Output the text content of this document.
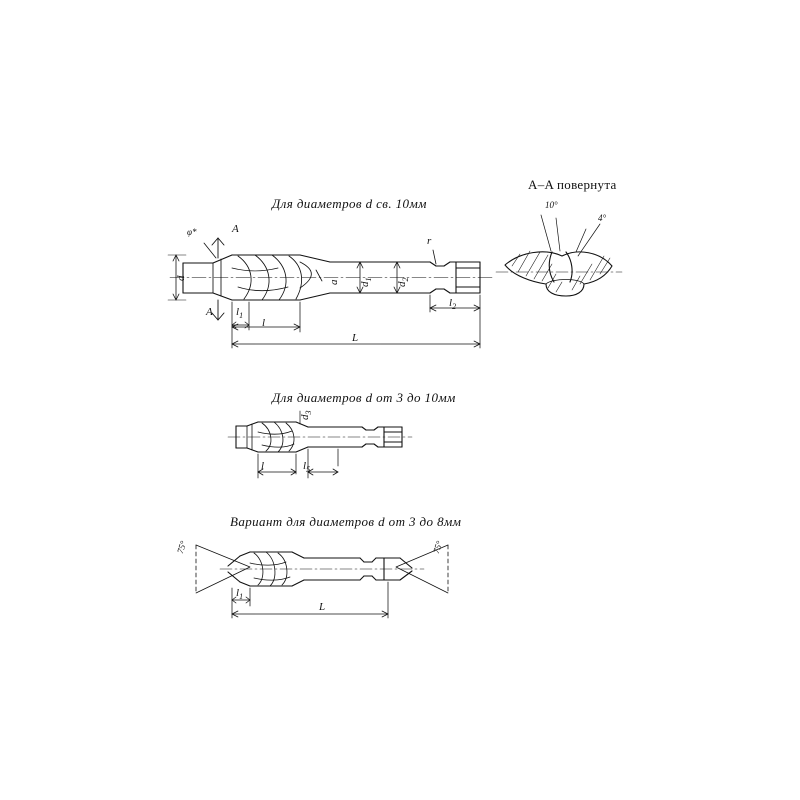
Для диаметров d св. 10мм
φ*	A
A
d
a $d_1$
$d_2$
r
$l_1$
l
$l_2$
L
A–A повернута
10°
4°
Для диаметров d от 3 до 10мм
$d_3$
l	$l_5$
Вариант для диаметров d от 3 до 8мм
75°	75°
$l_1$
L
